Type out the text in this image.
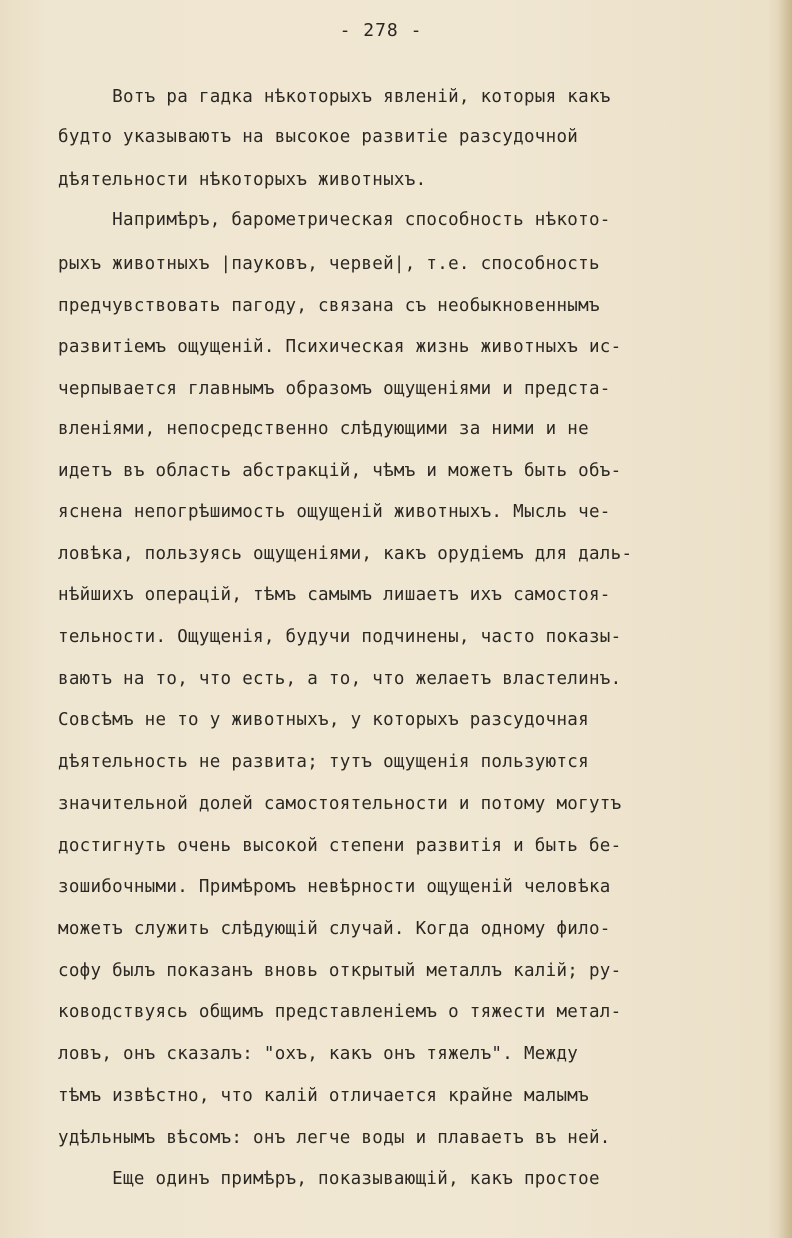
- 278 -
Вотъ ра гадка нѣкоторыхъ явленій, которыя какъ
будто указываютъ на высокое развитіе разсудочной
дѣятельности нѣкоторыхъ животныхъ.
Напримѣръ, барометрическая способность нѣкото-
рыхъ животныхъ |пауковъ, червей|, т.е. способность
предчувствовать пагоду, связана съ необыкновеннымъ
развитіемъ ощущеній. Психическая жизнь животныхъ ис-
черпывается главнымъ образомъ ощущеніями и предста-
вленіями, непосредственно слѣдующими за ними и не
идетъ въ область абстракцій, чѣмъ и можетъ быть объ-
яснена непогрѣшимость ощущеній животныхъ. Мысль че-
ловѣка, пользуясь ощущеніями, какъ орудіемъ для даль-
нѣйшихъ операцій, тѣмъ самымъ лишаетъ ихъ самостоя-
тельности. Ощущенія, будучи подчинены, часто показы-
ваютъ на то, что есть, а то, что желаетъ властелинъ.
Совсѣмъ не то у животныхъ, у которыхъ разсудочная
дѣятельность не развита; тутъ ощущенія пользуются
значительной долей самостоятельности и потому могутъ
достигнуть очень высокой степени развитія и быть бе-
зошибочными. Примѣромъ невѣрности ощущеній человѣка
можетъ служить слѣдующій случай. Когда одному фило-
софу былъ показанъ вновь открытый металлъ калій; ру-
ководствуясь общимъ представленіемъ о тяжести метал-
ловъ, онъ сказалъ: "охъ, какъ онъ тяжелъ". Между
тѣмъ извѣстно, что калій отличается крайне малымъ
удѣльнымъ вѣсомъ: онъ легче воды и плаваетъ въ ней.
Еще одинъ примѣръ, показывающій, какъ простое
